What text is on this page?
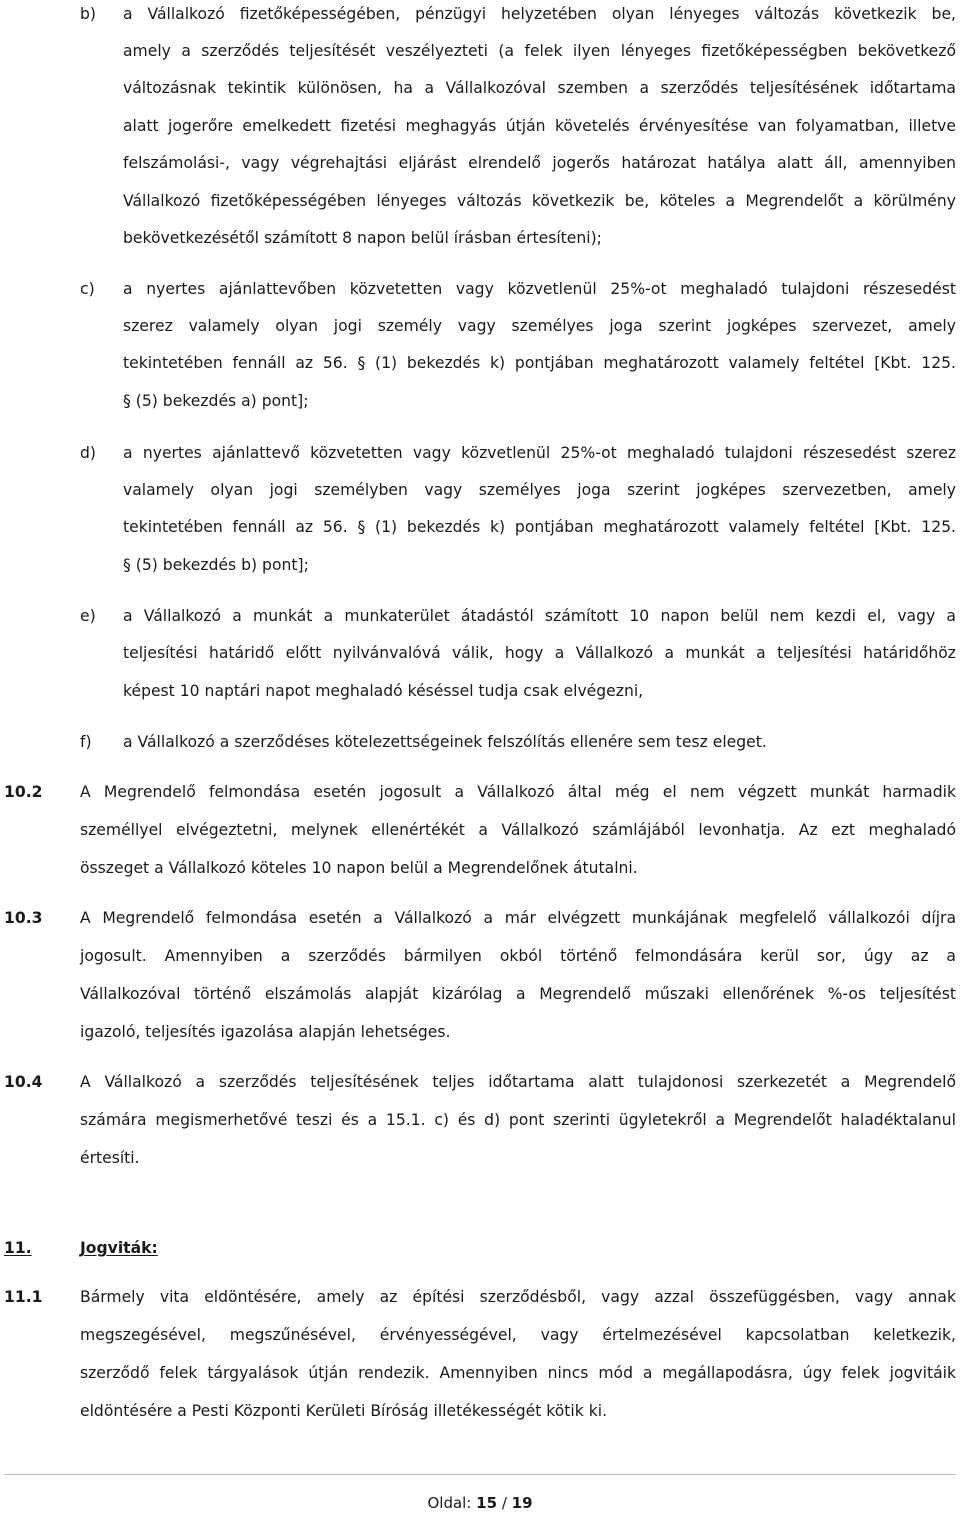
b) a Vállalkozó fizetőképességében, pénzügyi helyzetében olyan lényeges változás következik be,
amely a szerződés teljesítését veszélyezteti (a felek ilyen lényeges fizetőképességben bekövetkező
változásnak tekintik különösen, ha a Vállalkozóval szemben a szerződés teljesítésének időtartama
alatt jogerőre emelkedett fizetési meghagyás útján követelés érvényesítése van folyamatban, illetve
felszámolási-, vagy végrehajtási eljárást elrendelő jogerős határozat hatálya alatt áll, amennyiben
Vállalkozó fizetőképességében lényeges változás következik be, köteles a Megrendelőt a körülmény
bekövetkezésétől számított 8 napon belül írásban értesíteni);
c) a nyertes ajánlattevőben közvetetten vagy közvetlenül 25%-ot meghaladó tulajdoni részesedést
szerez valamely olyan jogi személy vagy személyes joga szerint jogképes szervezet, amely
tekintetében fennáll az 56. § (1) bekezdés k) pontjában meghatározott valamely feltétel [Kbt. 125.
§ (5) bekezdés a) pont];
d) a nyertes ajánlattevő közvetetten vagy közvetlenül 25%-ot meghaladó tulajdoni részesedést szerez
valamely olyan jogi személyben vagy személyes joga szerint jogképes szervezetben, amely
tekintetében fennáll az 56. § (1) bekezdés k) pontjában meghatározott valamely feltétel [Kbt. 125.
§ (5) bekezdés b) pont];
e) a Vállalkozó a munkát a munkaterület átadástól számított 10 napon belül nem kezdi el, vagy a
teljesítési határidő előtt nyilvánvalóvá válik, hogy a Vállalkozó a munkát a teljesítési határidőhöz
képest 10 naptári napot meghaladó késéssel tudja csak elvégezni,
f) a Vállalkozó a szerződéses kötelezettségeinek felszólítás ellenére sem tesz eleget.
10.2 A Megrendelő felmondása esetén jogosult a Vállalkozó által még el nem végzett munkát harmadik
személlyel elvégeztetni, melynek ellenértékét a Vállalkozó számlájából levonhatja. Az ezt meghaladó
összeget a Vállalkozó köteles 10 napon belül a Megrendelőnek átutalni.
10.3 A Megrendelő felmondása esetén a Vállalkozó a már elvégzett munkájának megfelelő vállalkozói díjra
jogosult. Amennyiben a szerződés bármilyen okból történő felmondására kerül sor, úgy az a
Vállalkozóval történő elszámolás alapját kizárólag a Megrendelő műszaki ellenőrének %-os teljesítést
igazoló, teljesítés igazolása alapján lehetséges.
10.4 A Vállalkozó a szerződés teljesítésének teljes időtartama alatt tulajdonosi szerkezetét a Megrendelő
számára megismerhetővé teszi és a 15.1. c) és d) pont szerinti ügyletekről a Megrendelőt haladéktalanul
értesíti.
11.	Jogviták:
11.1 Bármely vita eldöntésére, amely az építési szerződésből, vagy azzal összefüggésben, vagy annak
megszegésével, megszűnésével, érvényességével, vagy értelmezésével kapcsolatban keletkezik,
szerződő felek tárgyalások útján rendezik. Amennyiben nincs mód a megállapodásra, úgy felek jogvitáik
eldöntésére a Pesti Központi Kerületi Bíróság illetékességét kötik ki.
Oldal: 15 / 19
